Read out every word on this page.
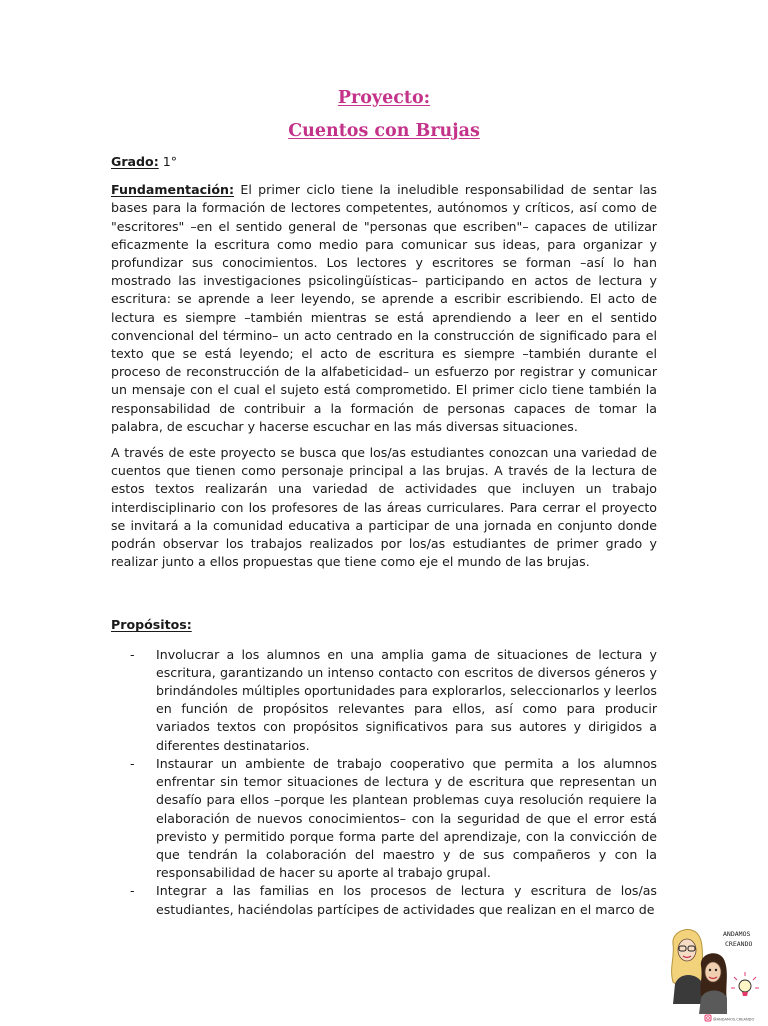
Proyecto:
Cuentos con Brujas

Grado: 1°

Fundamentación: El primer ciclo tiene la ineludible responsabilidad de sentar las bases para la formación de lectores competentes, autónomos y críticos, así como de "escritores" –en el sentido general de "personas que escriben"– capaces de utilizar eficazmente la escritura como medio para comunicar sus ideas, para organizar y profundizar sus conocimientos. Los lectores y escritores se forman –así lo han mostrado las investigaciones psicolingüísticas– participando en actos de lectura y escritura: se aprende a leer leyendo, se aprende a escribir escribiendo. El acto de lectura es siempre –también mientras se está aprendiendo a leer en el sentido convencional del término– un acto centrado en la construcción de significado para el texto que se está leyendo; el acto de escritura es siempre –también durante el proceso de reconstrucción de la alfabeticidad– un esfuerzo por registrar y comunicar un mensaje con el cual el sujeto está comprometido. El primer ciclo tiene también la responsabilidad de contribuir a la formación de personas capaces de tomar la palabra, de escuchar y hacerse escuchar en las más diversas situaciones.

A través de este proyecto se busca que los/as estudiantes conozcan una variedad de cuentos que tienen como personaje principal a las brujas. A través de la lectura de estos textos realizarán una variedad de actividades que incluyen un trabajo interdisciplinario con los profesores de las áreas curriculares. Para cerrar el proyecto se invitará a la comunidad educativa a participar de una jornada en conjunto donde podrán observar los trabajos realizados por los/as estudiantes de primer grado y realizar junto a ellos propuestas que tiene como eje el mundo de las brujas.

Propósitos:

- Involucrar a los alumnos en una amplia gama de situaciones de lectura y escritura, garantizando un intenso contacto con escritos de diversos géneros y brindándoles múltiples oportunidades para explorarlos, seleccionarlos y leerlos en función de propósitos relevantes para ellos, así como para producir variados textos con propósitos significativos para sus autores y dirigidos a diferentes destinatarios.
- Instaurar un ambiente de trabajo cooperativo que permita a los alumnos enfrentar sin temor situaciones de lectura y de escritura que representan un desafío para ellos –porque les plantean problemas cuya resolución requiere la elaboración de nuevos conocimientos– con la seguridad de que el error está previsto y permitido porque forma parte del aprendizaje, con la convicción de que tendrán la colaboración del maestro y de sus compañeros y con la responsabilidad de hacer su aporte al trabajo grupal.
- Integrar a las familias en los procesos de lectura y escritura de los/as estudiantes, haciéndolas partícipes de actividades que realizan en el marco de
ANDAMOS
CREANDO
@ANDAMOS.CREANDO
